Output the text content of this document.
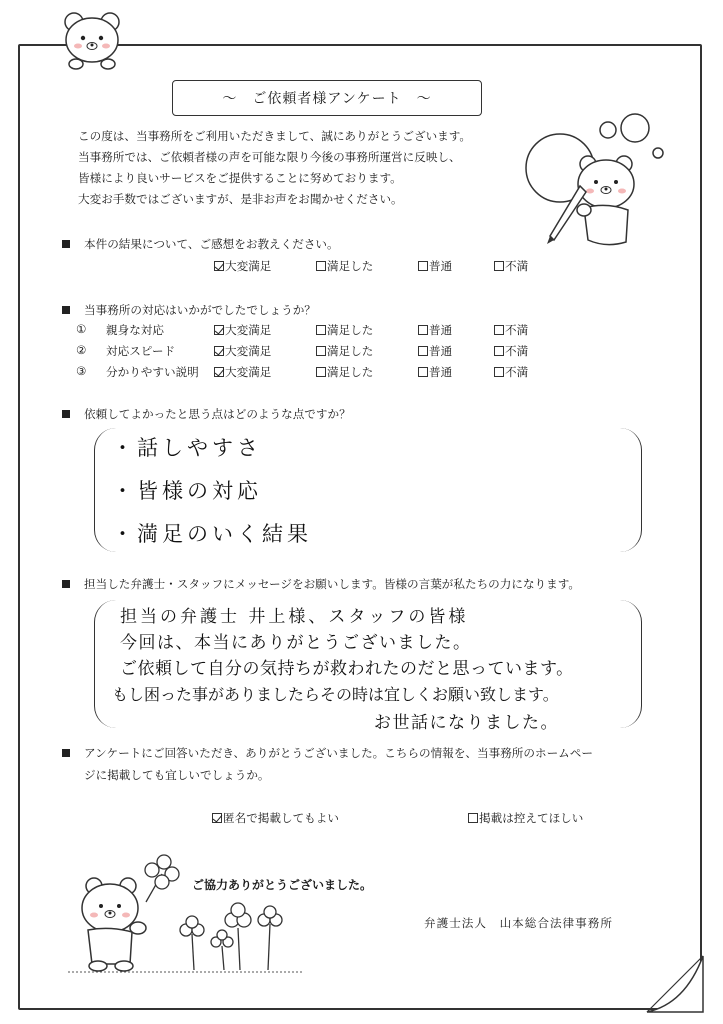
～　ご依頼者様アンケート　～
この度は、当事務所をご利用いただきまして、誠にありがとうございます。
当事務所では、ご依頼者様の声を可能な限り今後の事務所運営に反映し、
皆様により良いサービスをご提供することに努めております。
大変お手数ではございますが、是非お声をお聞かせください。
本件の結果について、ご感想をお教えください。
大変満足	満足した	普通	不満
当事務所の対応はいかがでしたでしょうか？
① 親身な対応	大変満足	満足した	普通	不満
② 対応スピード	大変満足	満足した	普通	不満
③ 分かりやすい説明	大変満足	満足した	普通	不満
依頼してよかったと思う点はどのような点ですか？
・話しやすさ
・皆様の対応
・満足のいく結果
担当した弁護士・スタッフにメッセージをお願いします。皆様の言葉が私たちの力になります。
担当の弁護士 井上様、スタッフの皆様
今回は、本当にありがとうございました。
ご依頼して自分の気持ちが救われたのだと思っています。
もし困った事がありましたらその時は宜しくお願い致します。
お世話になりました。
アンケートにご回答いただき、ありがとうございました。こちらの情報を、当事務所のホームペー
ジに掲載しても宜しいでしょうか。
匿名で掲載してもよい	掲載は控えてほしい
ご協力ありがとうございました。
弁護士法人　山本総合法律事務所
